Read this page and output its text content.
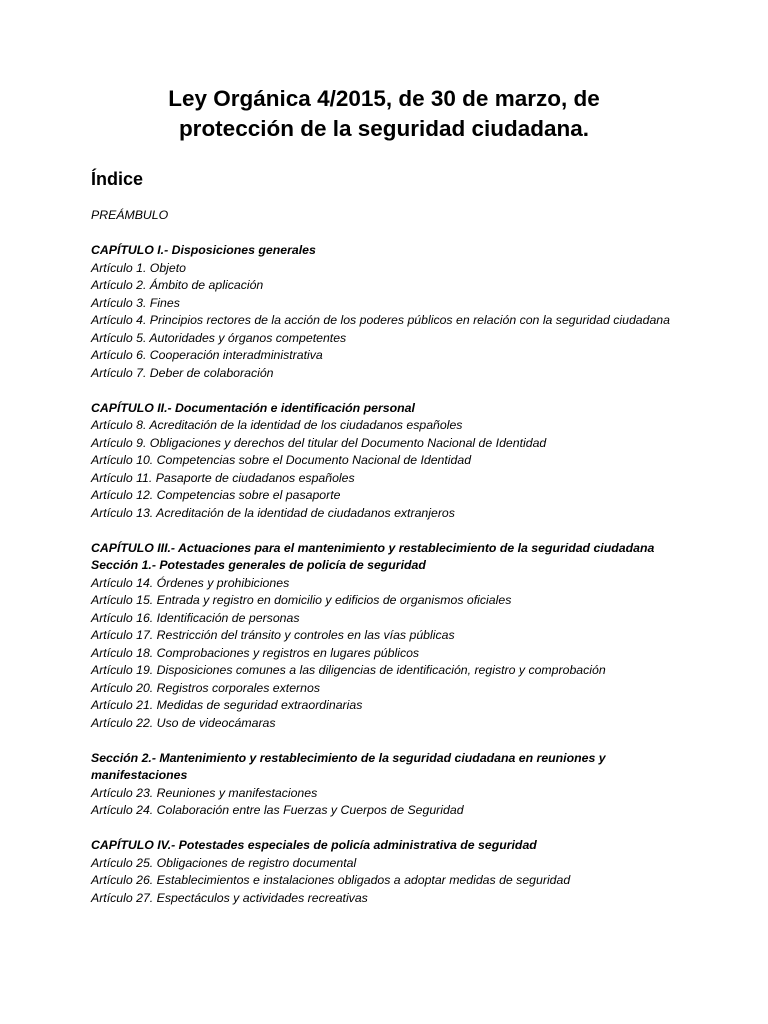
Ley Orgánica 4/2015, de 30 de marzo, de
protección de la seguridad ciudadana.
Índice
PREÁMBULO
CAPÍTULO I.- Disposiciones generales
Artículo 1. Objeto
Artículo 2. Ámbito de aplicación
Artículo 3. Fines
Artículo 4. Principios rectores de la acción de los poderes públicos en relación con la seguridad ciudadana
Artículo 5. Autoridades y órganos competentes
Artículo 6. Cooperación interadministrativa
Artículo 7. Deber de colaboración
CAPÍTULO II.- Documentación e identificación personal
Artículo 8. Acreditación de la identidad de los ciudadanos españoles
Artículo 9. Obligaciones y derechos del titular del Documento Nacional de Identidad
Artículo 10. Competencias sobre el Documento Nacional de Identidad
Artículo 11. Pasaporte de ciudadanos españoles
Artículo 12. Competencias sobre el pasaporte
Artículo 13. Acreditación de la identidad de ciudadanos extranjeros
CAPÍTULO III.- Actuaciones para el mantenimiento y restablecimiento de la seguridad ciudadana
Sección 1.- Potestades generales de policía de seguridad
Artículo 14. Órdenes y prohibiciones
Artículo 15. Entrada y registro en domicilio y edificios de organismos oficiales
Artículo 16. Identificación de personas
Artículo 17. Restricción del tránsito y controles en las vías públicas
Artículo 18. Comprobaciones y registros en lugares públicos
Artículo 19. Disposiciones comunes a las diligencias de identificación, registro y comprobación
Artículo 20. Registros corporales externos
Artículo 21. Medidas de seguridad extraordinarias
Artículo 22. Uso de videocámaras
Sección 2.- Mantenimiento y restablecimiento de la seguridad ciudadana en reuniones y manifestaciones
Artículo 23. Reuniones y manifestaciones
Artículo 24. Colaboración entre las Fuerzas y Cuerpos de Seguridad
CAPÍTULO IV.- Potestades especiales de policía administrativa de seguridad
Artículo 25. Obligaciones de registro documental
Artículo 26. Establecimientos e instalaciones obligados a adoptar medidas de seguridad
Artículo 27. Espectáculos y actividades recreativas
